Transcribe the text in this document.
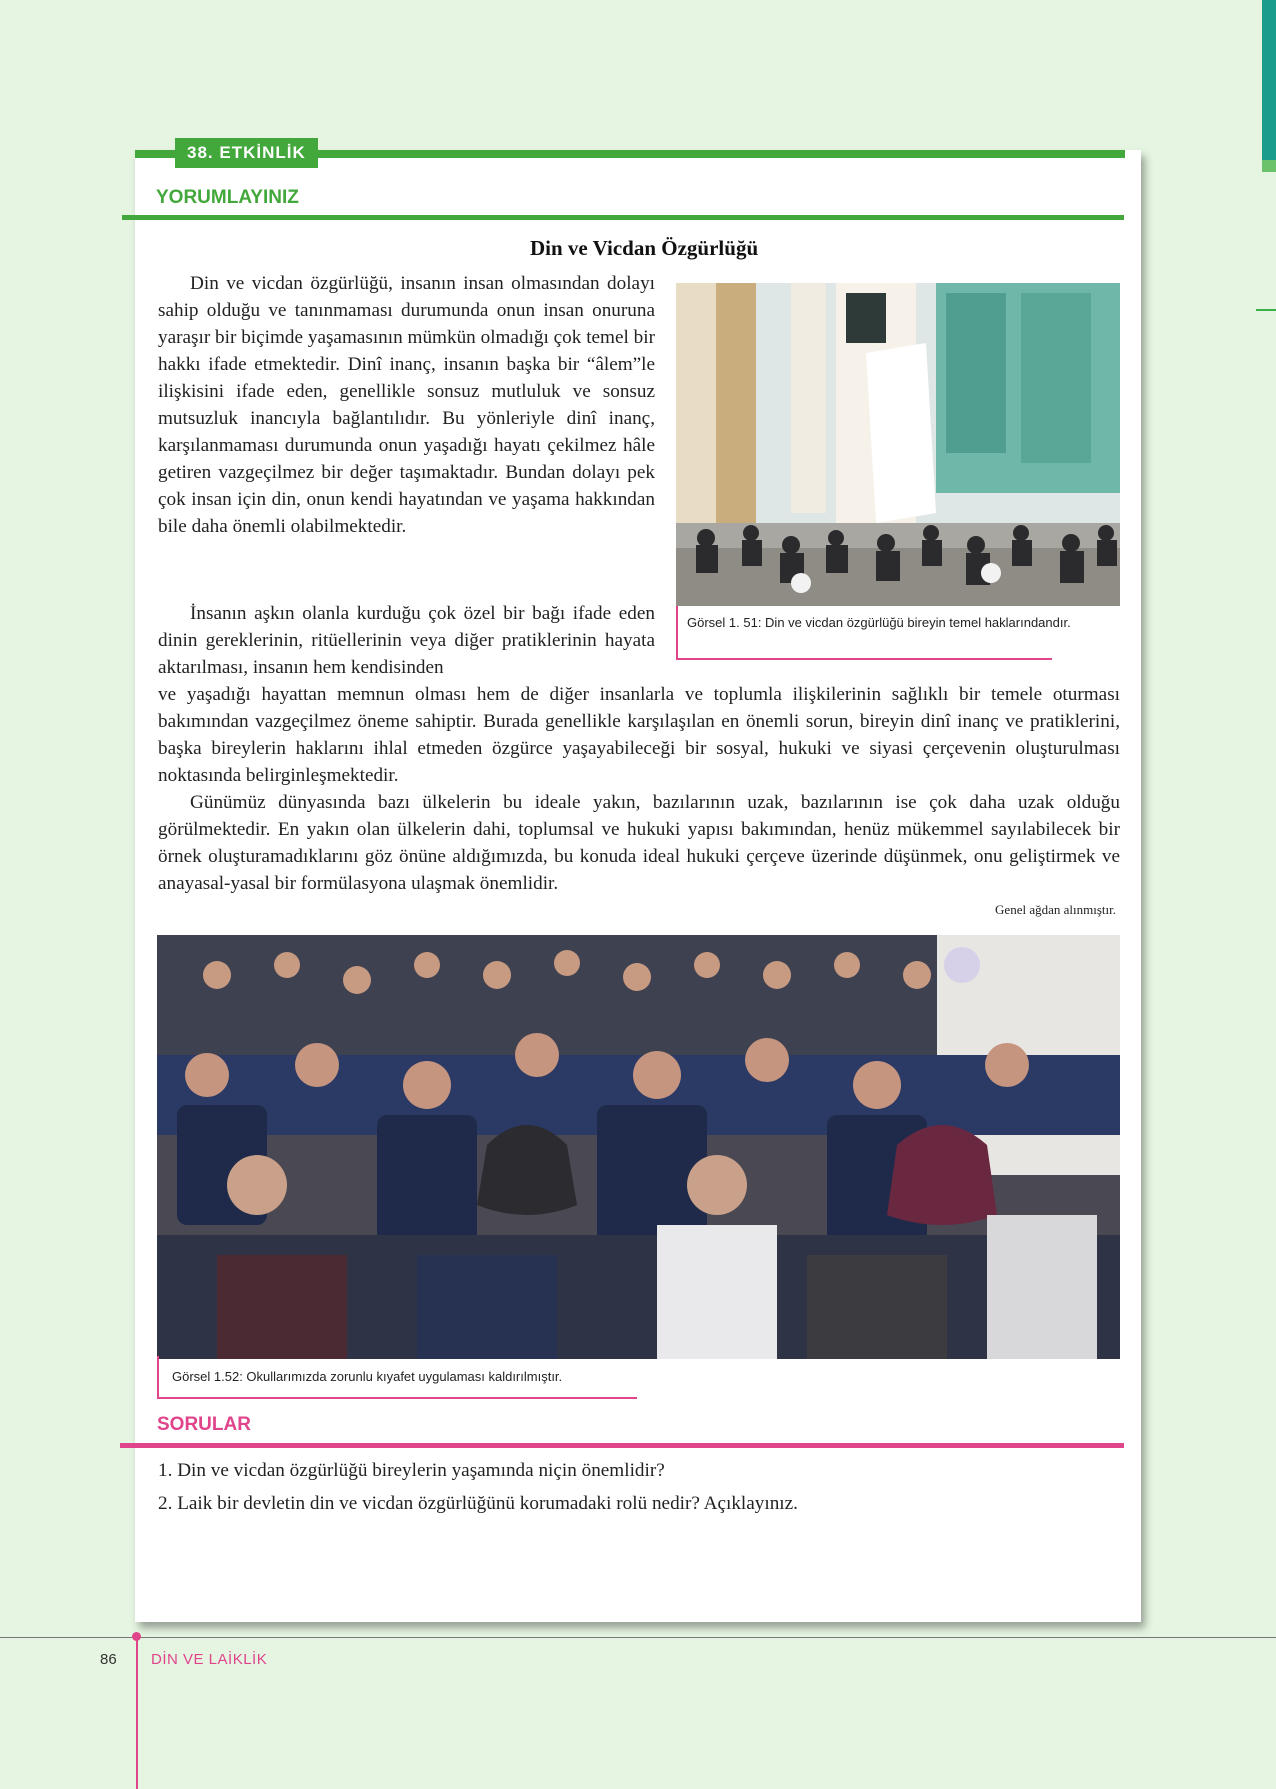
38. ETKİNLİK
YORUMLAYINIZ
Din ve Vicdan Özgürlüğü

Din ve vicdan özgürlüğü, insanın insan olmasından dolayı sahip olduğu ve tanınmaması durumunda onun insan onuruna yaraşır bir biçimde yaşamasının mümkün olmadığı çok temel bir hakkı ifade etmektedir. Dinî inanç, insanın başka bir “âlem”le ilişkisini ifade eden, genellikle sonsuz mutluluk ve sonsuz mutsuzluk inancıyla bağlantılıdır. Bu yönleriyle dinî inanç, karşılanmaması durumunda onun yaşadığı hayatı çekilmez hâle getiren vazgeçilmez bir değer taşımaktadır. Bundan dolayı pek çok insan için din, onun kendi hayatından ve yaşama hakkından bile daha önemli olabilmektedir.

İnsanın aşkın olanla kurduğu çok özel bir bağı ifade eden dinin gereklerinin, ritüellerinin veya diğer pratiklerinin hayata aktarılması, insanın hem kendisinden

ve yaşadığı hayattan memnun olması hem de diğer insanlarla ve toplumla ilişkilerinin sağlıklı bir temele oturması bakımından vazgeçilmez öneme sahiptir. Burada genellikle karşılaşılan en önemli sorun, bireyin dinî inanç ve pratiklerini, başka bireylerin haklarını ihlal etmeden özgürce yaşayabileceği bir sosyal, hukuki ve siyasi çerçevenin oluşturulması noktasında belirginleşmektedir.

Günümüz dünyasında bazı ülkelerin bu ideale yakın, bazılarının uzak, bazılarının ise çok daha uzak olduğu görülmektedir. En yakın olan ülkelerin dahi, toplumsal ve hukuki yapısı bakımından, henüz mükemmel sayılabilecek bir örnek oluşturamadıklarını göz önüne aldığımızda, bu konuda ideal hukuki çerçeve üzerinde düşünmek, onu geliştirmek ve anayasal-yasal bir formülasyona ulaşmak önemlidir.

Genel ağdan alınmıştır.
Görsel 1. 51: Din ve vicdan özgürlüğü bireyin temel haklarındandır.
Görsel 1.52: Okullarımızda zorunlu kıyafet uygulaması kaldırılmıştır.
SORULAR
1. Din ve vicdan özgürlüğü bireylerin yaşamında niçin önemlidir?
2. Laik bir devletin din ve vicdan özgürlüğünü korumadaki rolü nedir? Açıklayınız.
86 DİN VE LAİKLİK
